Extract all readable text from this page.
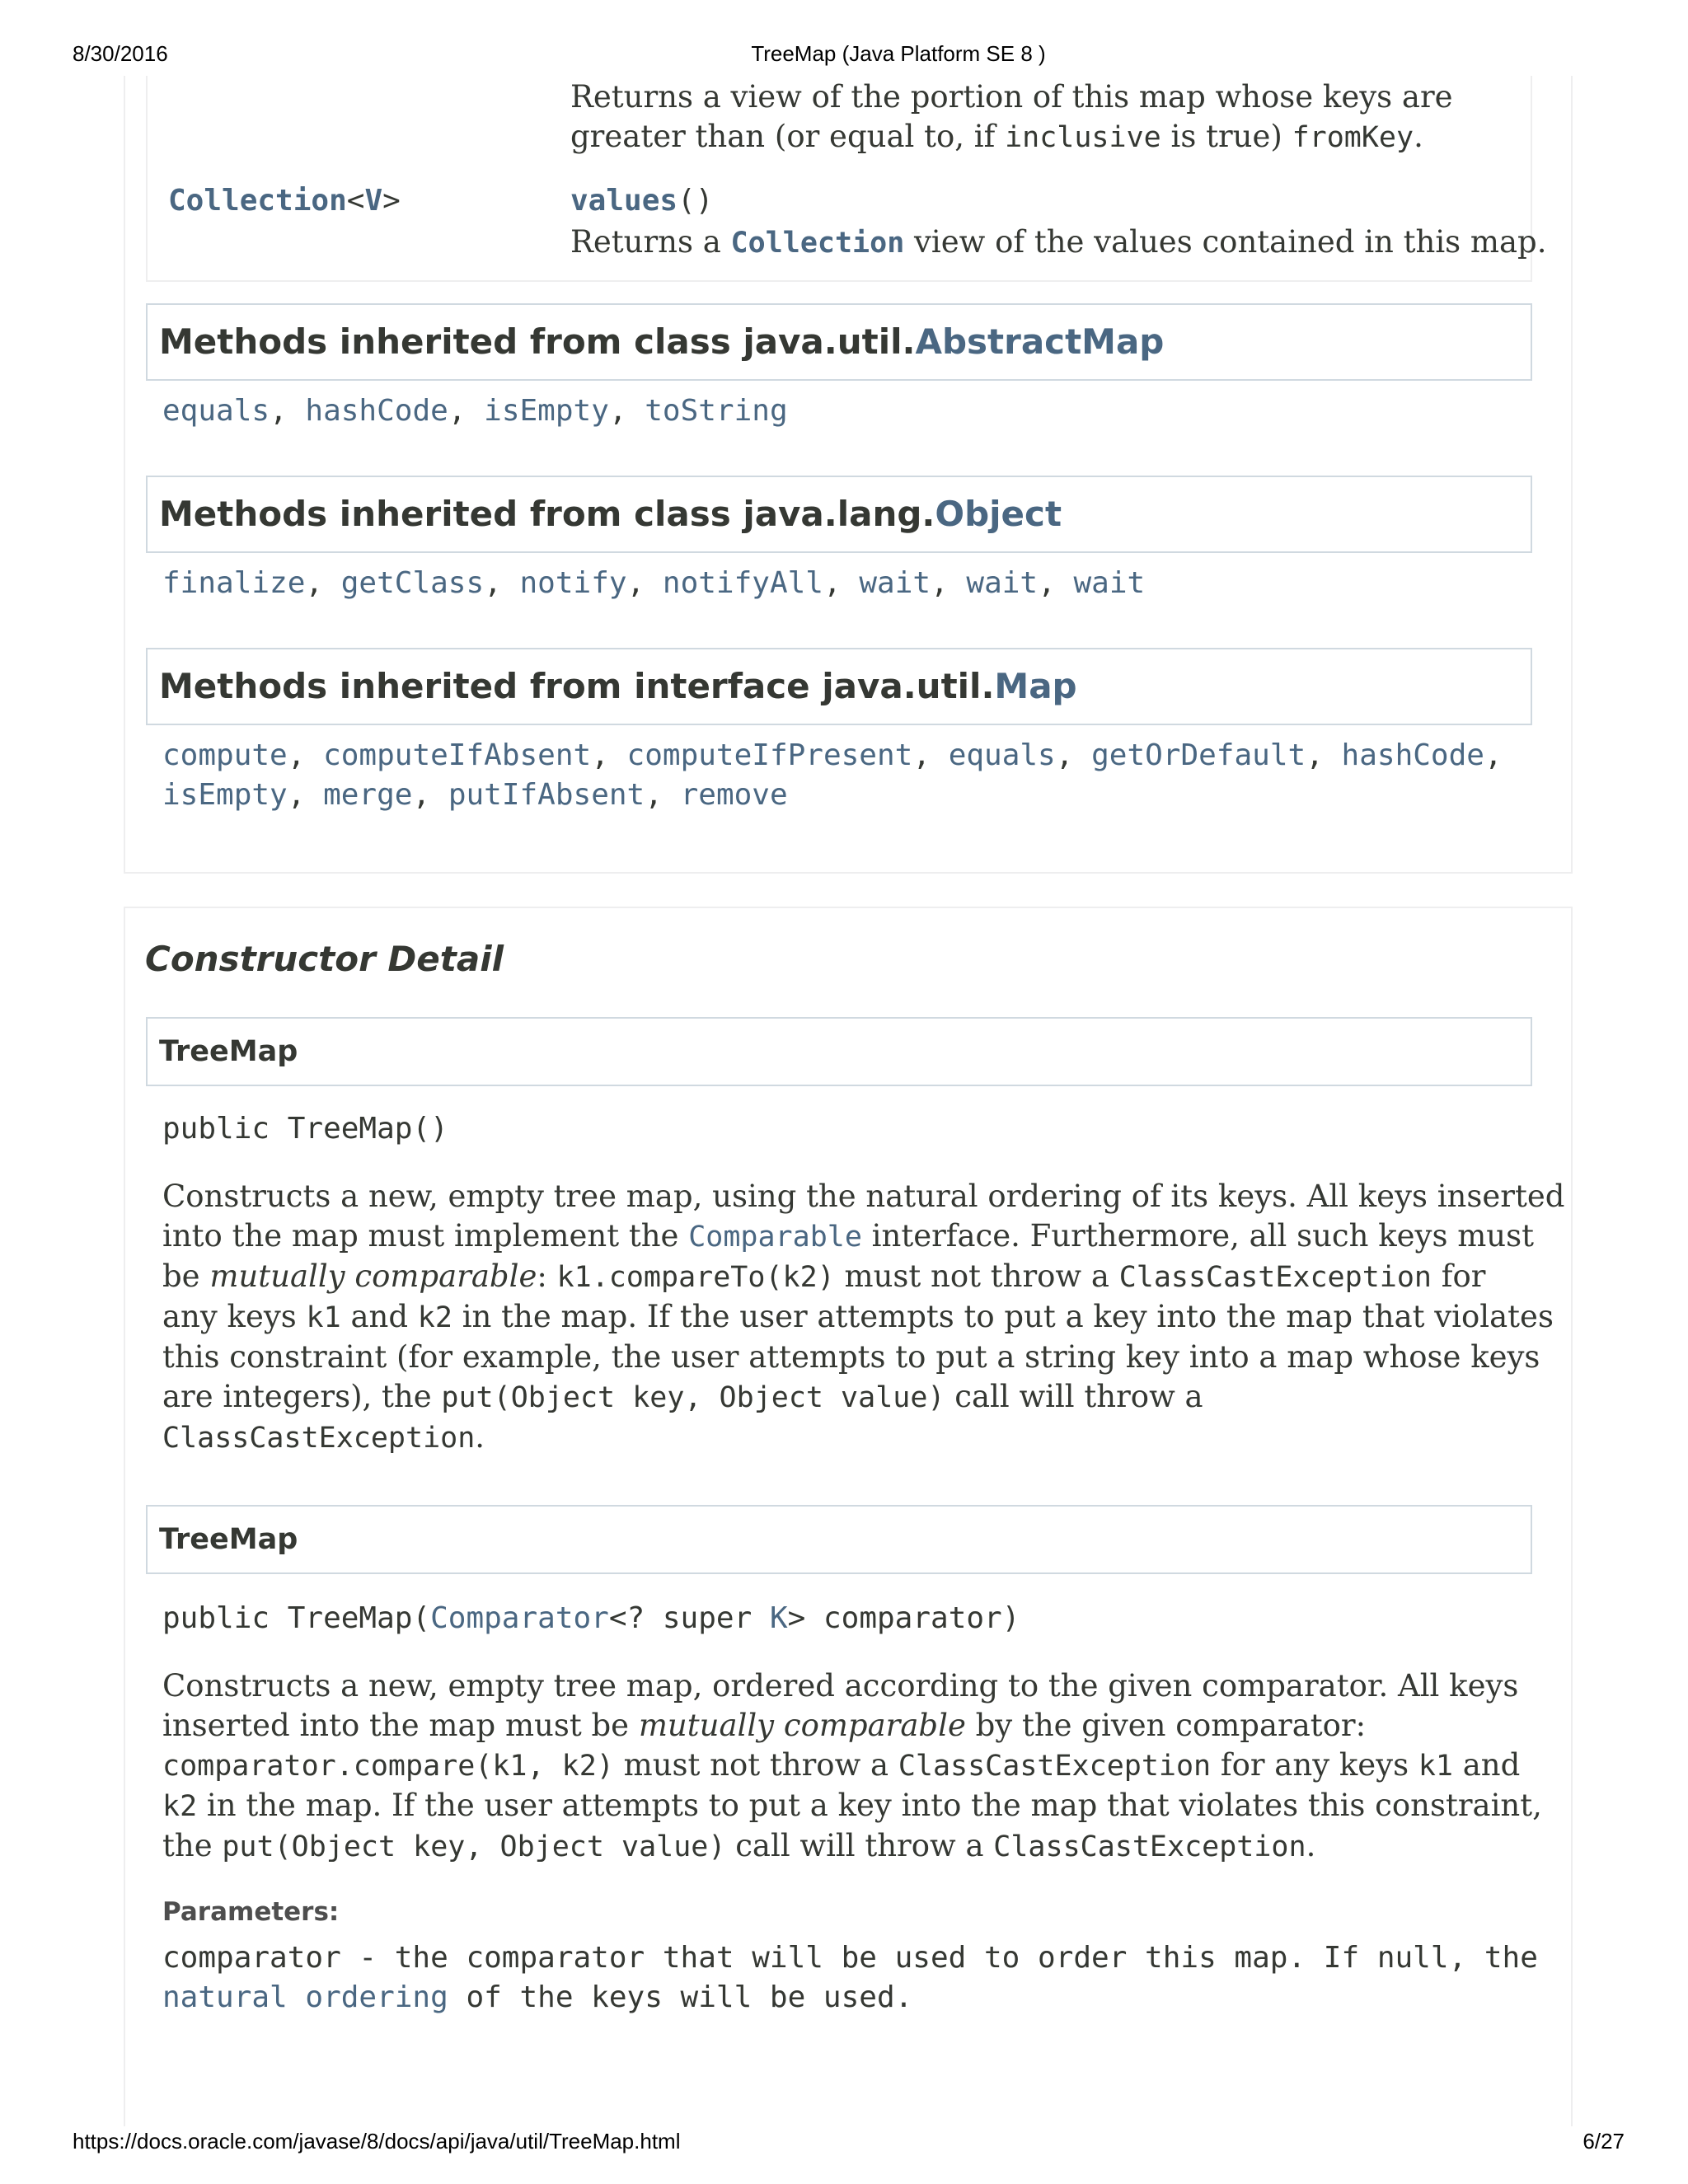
8/30/2016	TreeMap (Java Platform SE 8 )
Returns a view of the portion of this map whose keys are
greater than (or equal to, if inclusive is true) fromKey.
Collection<V>	values()
Returns a Collection view of the values contained in this map.
Methods inherited from class java.util.AbstractMap
equals, hashCode, isEmpty, toString
Methods inherited from class java.lang.Object
finalize, getClass, notify, notifyAll, wait, wait, wait
Methods inherited from interface java.util.Map
compute, computeIfAbsent, computeIfPresent, equals, getOrDefault, hashCode,
isEmpty, merge, putIfAbsent, remove
Constructor Detail
TreeMap
public TreeMap()
Constructs a new, empty tree map, using the natural ordering of its keys. All keys inserted
into the map must implement the Comparable interface. Furthermore, all such keys must
be mutually comparable: k1.compareTo(k2) must not throw a ClassCastException for
any keys k1 and k2 in the map. If the user attempts to put a key into the map that violates
this constraint (for example, the user attempts to put a string key into a map whose keys
are integers), the put(Object key, Object value) call will throw a
ClassCastException.
TreeMap
public TreeMap(Comparator<? super K> comparator)
Constructs a new, empty tree map, ordered according to the given comparator. All keys
inserted into the map must be mutually comparable by the given comparator:
comparator.compare(k1, k2) must not throw a ClassCastException for any keys k1 and
k2 in the map. If the user attempts to put a key into the map that violates this constraint,
the put(Object key, Object value) call will throw a ClassCastException.
Parameters:
comparator - the comparator that will be used to order this map. If null, the
natural ordering of the keys will be used.
https://docs.oracle.com/javase/8/docs/api/java/util/TreeMap.html	6/27
